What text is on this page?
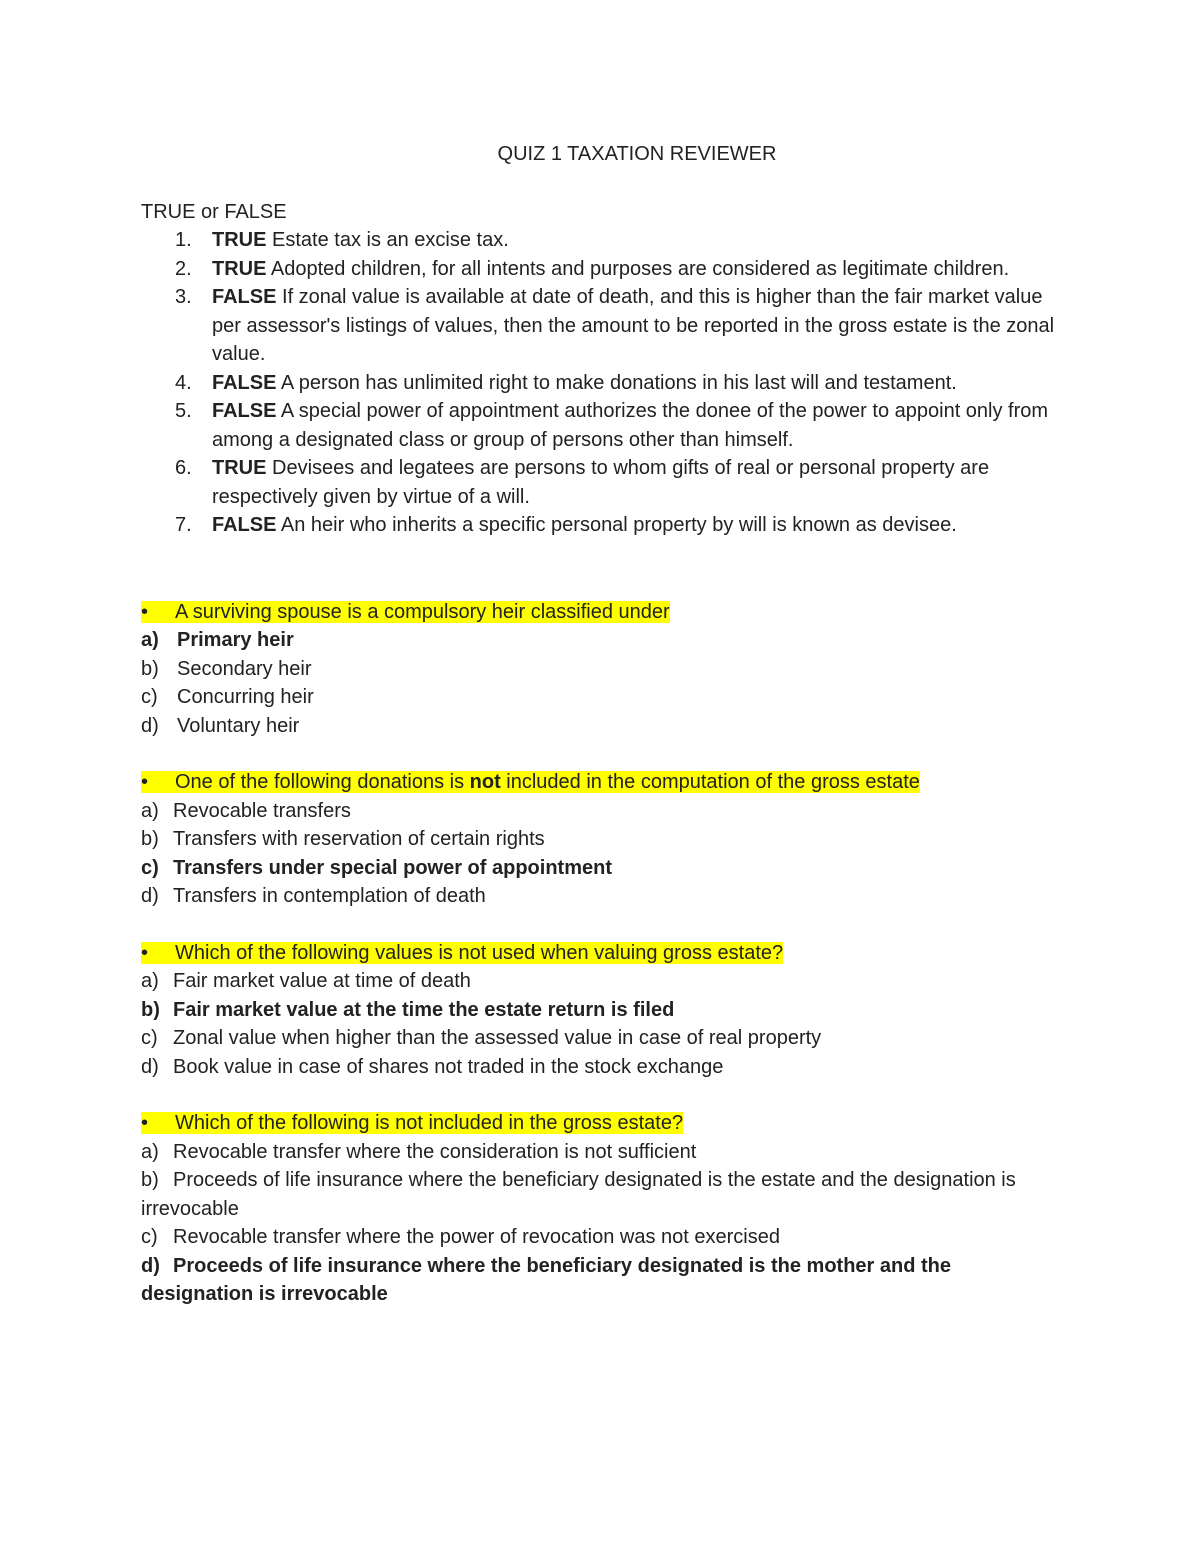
QUIZ 1 TAXATION REVIEWER
TRUE or FALSE
1. TRUE Estate tax is an excise tax.
2. TRUE Adopted children, for all intents and purposes are considered as legitimate children.
3. FALSE If zonal value is available at date of death, and this is higher than the fair market value per assessor's listings of values, then the amount to be reported in the gross estate is the zonal value.
4. FALSE A person has unlimited right to make donations in his last will and testament.
5. FALSE A special power of appointment authorizes the donee of the power to appoint only from among a designated class or group of persons other than himself.
6. TRUE Devisees and legatees are persons to whom gifts of real or personal property are respectively given by virtue of a will.
7. FALSE An heir who inherits a specific personal property by will is known as devisee.
• A surviving spouse is a compulsory heir classified under
a) Primary heir
b) Secondary heir
c) Concurring heir
d) Voluntary heir
• One of the following donations is not included in the computation of the gross estate
a) Revocable transfers
b) Transfers with reservation of certain rights
c) Transfers under special power of appointment
d) Transfers in contemplation of death
• Which of the following values is not used when valuing gross estate?
a) Fair market value at time of death
b) Fair market value at the time the estate return is filed
c) Zonal value when higher than the assessed value in case of real property
d) Book value in case of shares not traded in the stock exchange
• Which of the following is not included in the gross estate?
a) Revocable transfer where the consideration is not sufficient
b) Proceeds of life insurance where the beneficiary designated is the estate and the designation is irrevocable
c) Revocable transfer where the power of revocation was not exercised
d) Proceeds of life insurance where the beneficiary designated is the mother and the designation is irrevocable
